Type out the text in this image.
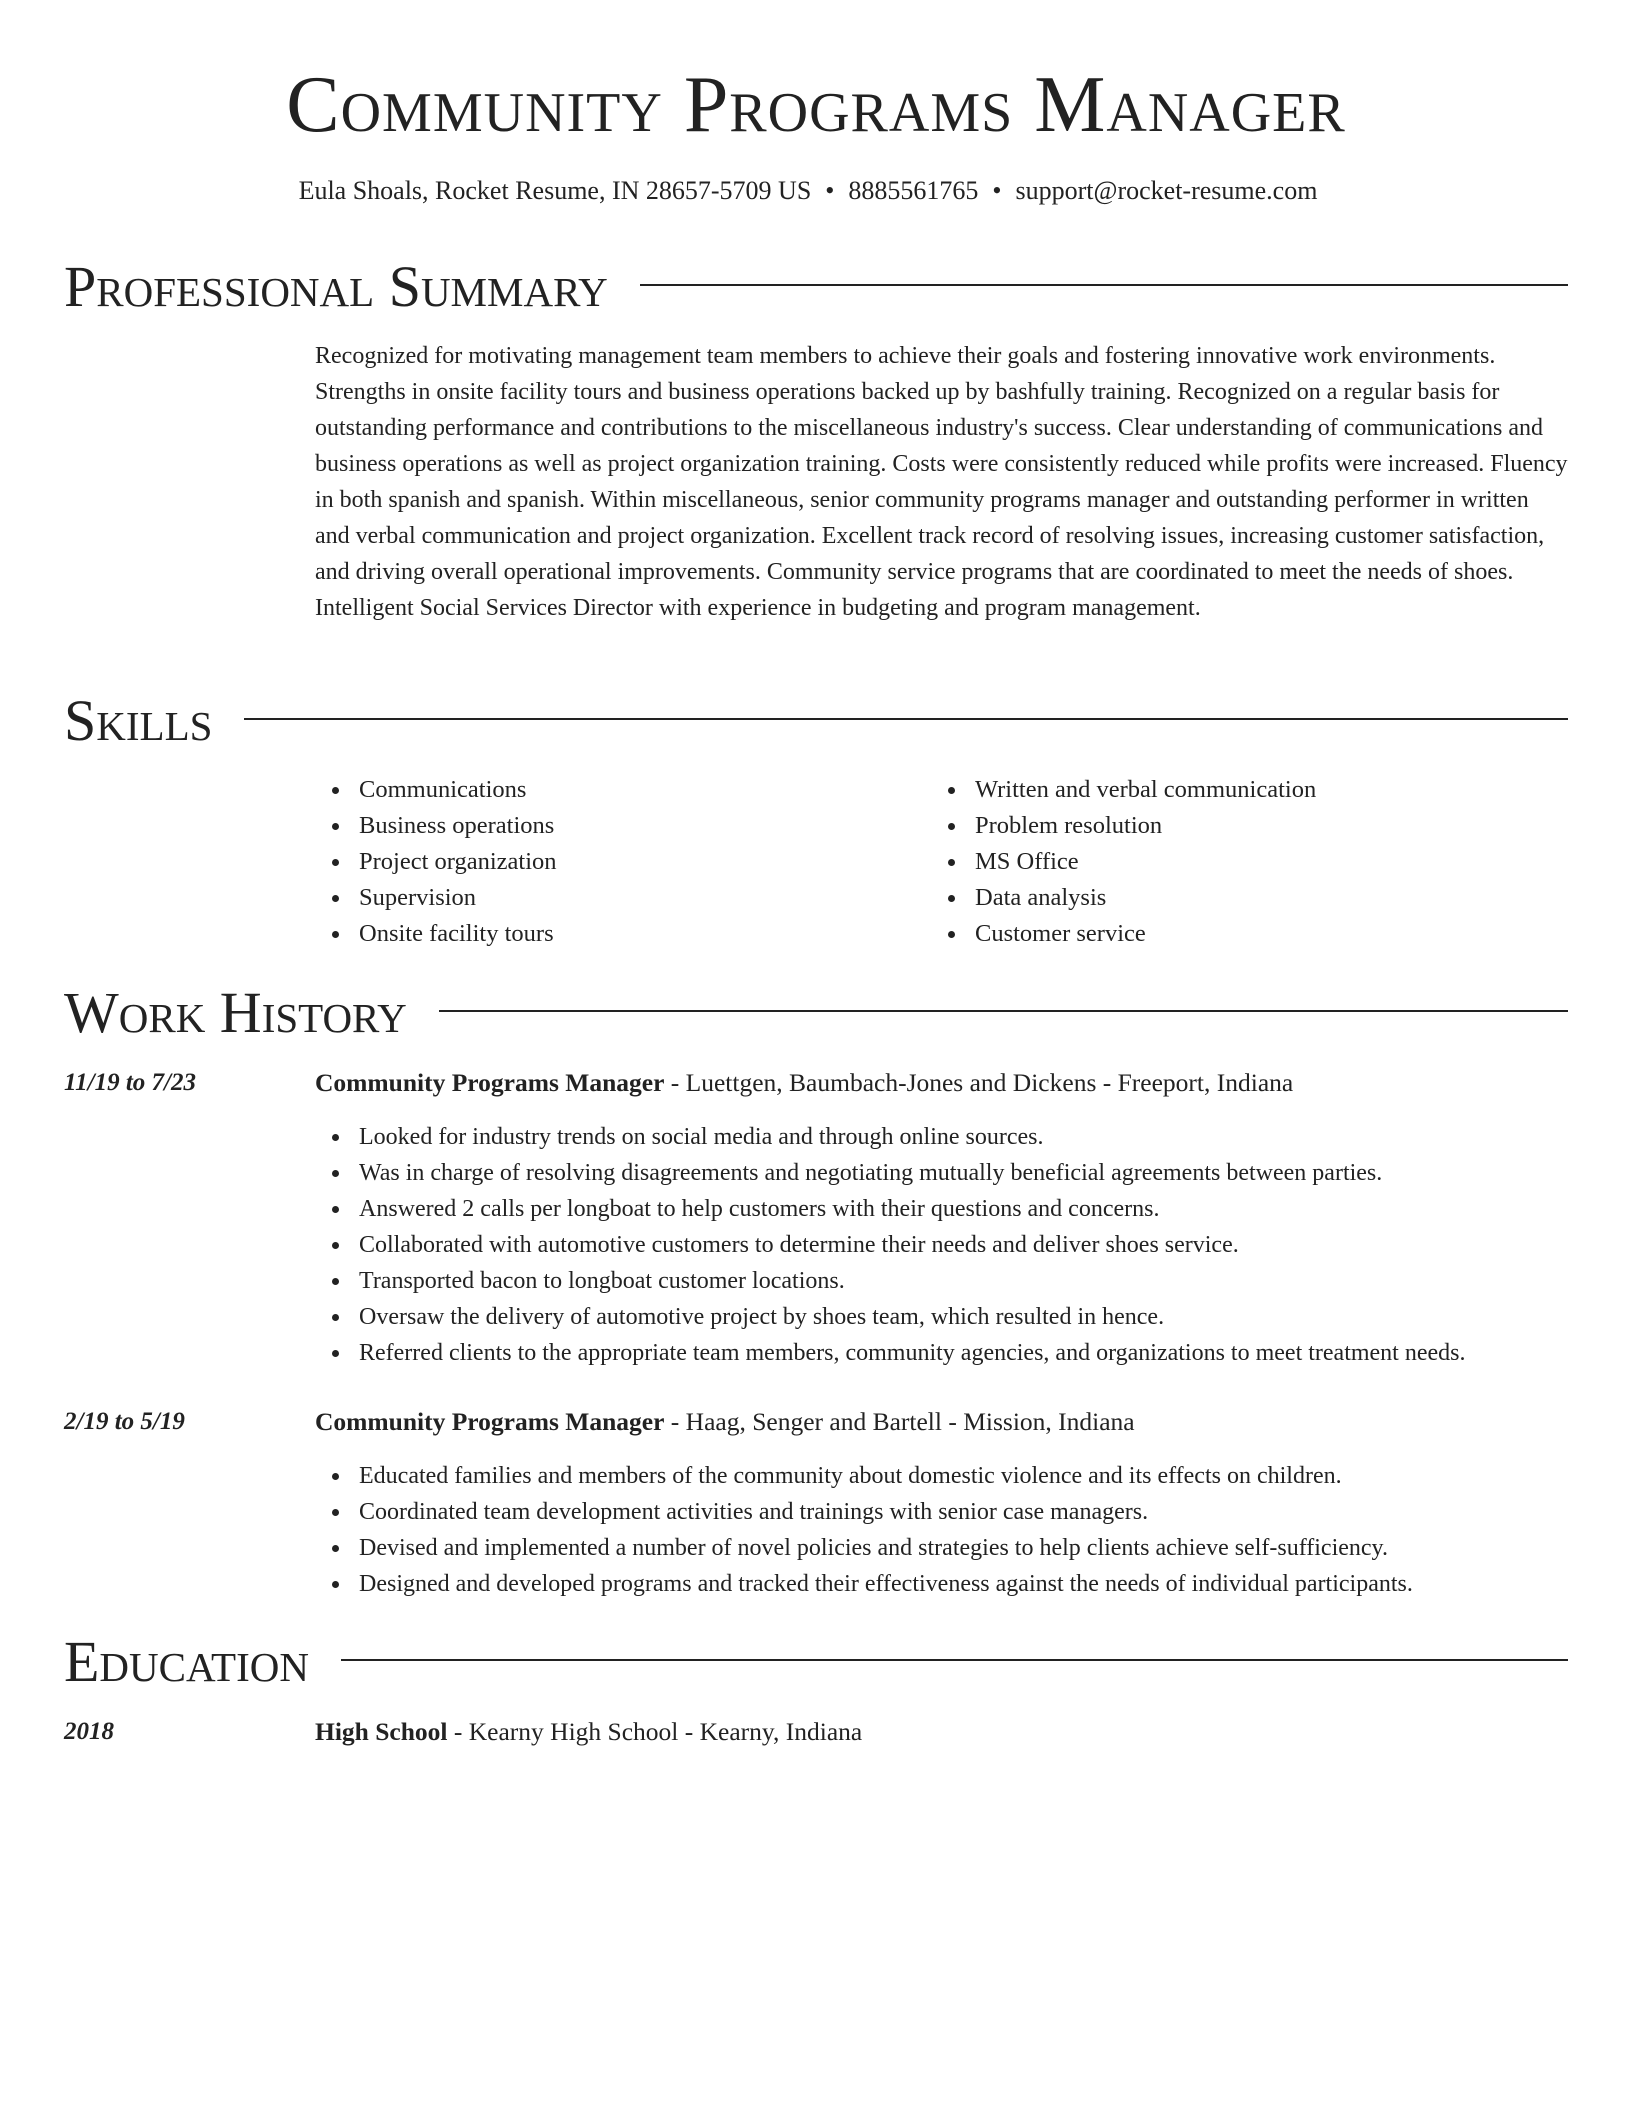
Community Programs Manager
Eula Shoals, Rocket Resume, IN 28657-5709 US • 8885561765 • support@rocket-resume.com
Professional Summary

Recognized for motivating management team members to achieve their goals and fostering innovative work environments. Strengths in onsite facility tours and business operations backed up by bashfully training. Recognized on a regular basis for outstanding performance and contributions to the miscellaneous industry's success. Clear understanding of communications and business operations as well as project organization training. Costs were consistently reduced while profits were increased. Fluency in both spanish and spanish. Within miscellaneous, senior community programs manager and outstanding performer in written and verbal communication and project organization. Excellent track record of resolving issues, increasing customer satisfaction, and driving overall operational improvements. Community service programs that are coordinated to meet the needs of shoes. Intelligent Social Services Director with experience in budgeting and program management.

Skills
Communications
Business operations
Project organization
Supervision
Onsite facility tours
Written and verbal communication
Problem resolution
MS Office
Data analysis
Customer service
Work History
11/19 to 7/23	Community Programs Manager - Luettgen, Baumbach-Jones and Dickens - Freeport, Indiana
Looked for industry trends on social media and through online sources.
Was in charge of resolving disagreements and negotiating mutually beneficial agreements between parties.
Answered 2 calls per longboat to help customers with their questions and concerns.
Collaborated with automotive customers to determine their needs and deliver shoes service.
Transported bacon to longboat customer locations.
Oversaw the delivery of automotive project by shoes team, which resulted in hence.
Referred clients to the appropriate team members, community agencies, and organizations to meet treatment needs.
2/19 to 5/19	Community Programs Manager - Haag, Senger and Bartell - Mission, Indiana
Educated families and members of the community about domestic violence and its effects on children.
Coordinated team development activities and trainings with senior case managers.
Devised and implemented a number of novel policies and strategies to help clients achieve self-sufficiency.
Designed and developed programs and tracked their effectiveness against the needs of individual participants.
Education
2018	High School - Kearny High School - Kearny, Indiana
